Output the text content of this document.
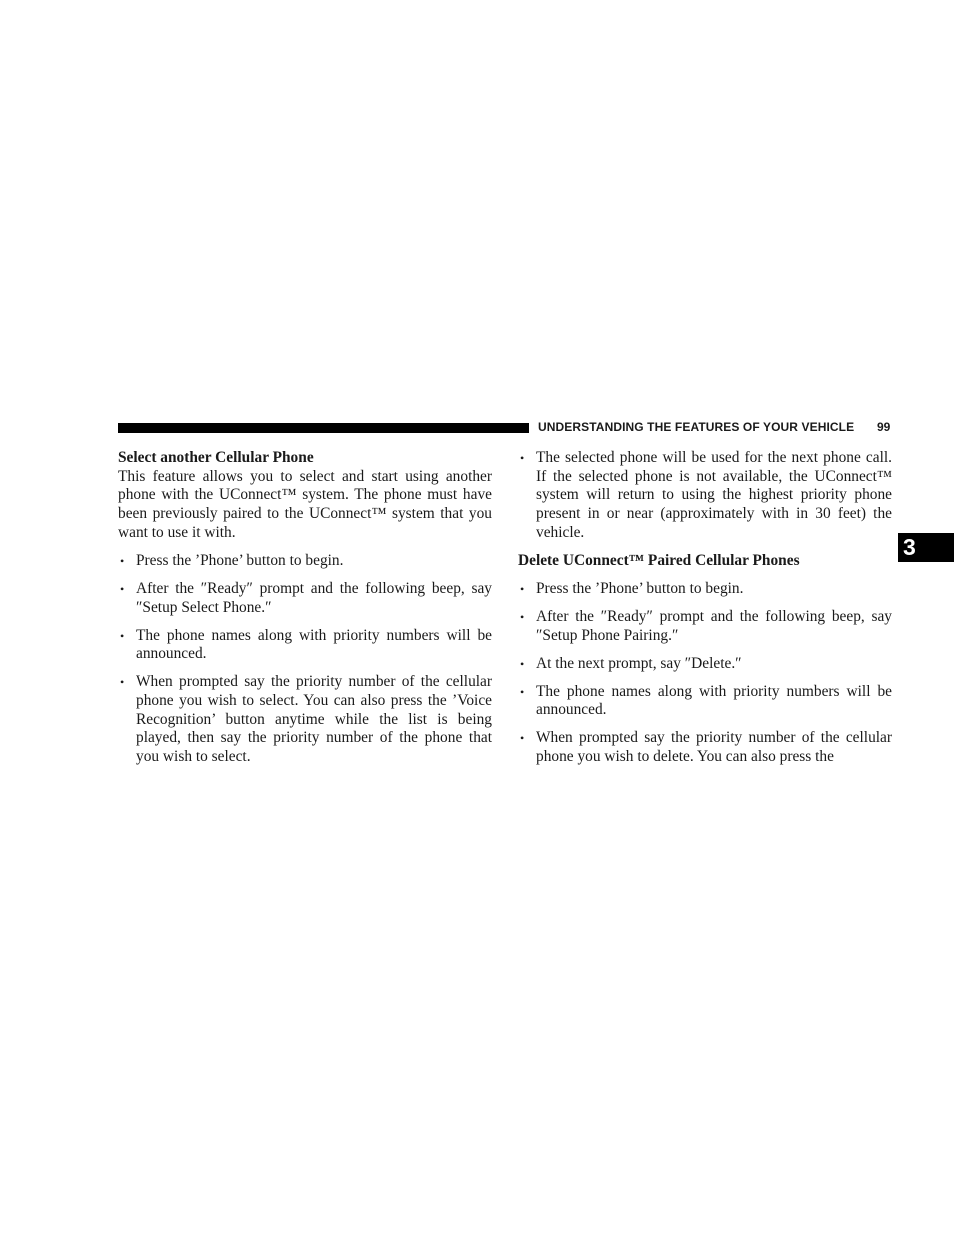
UNDERSTANDING THE FEATURES OF YOUR VEHICLE 99
3

Select another Cellular Phone

This feature allows you to select and start using another phone with the UConnect™ system. The phone must have been previously paired to the UConnect™ system that you want to use it with.

• Press the ’Phone’ button to begin.
• After the ″Ready″ prompt and the following beep, say ″Setup Select Phone.″
• The phone names along with priority numbers will be announced.
• When prompted say the priority number of the cellular phone you wish to select. You can also press the ’Voice Recognition’ button anytime while the list is being played, then say the priority number of the phone that you wish to select.
• The selected phone will be used for the next phone call. If the selected phone is not available, the UConnect™ system will return to using the highest priority phone present in or near (approximately with in 30 feet) the vehicle.

Delete UConnect™ Paired Cellular Phones

• Press the ’Phone’ button to begin.
• After the ″Ready″ prompt and the following beep, say ″Setup Phone Pairing.″
• At the next prompt, say ″Delete.″
• The phone names along with priority numbers will be announced.
• When prompted say the priority number of the cellular phone you wish to delete. You can also press the
